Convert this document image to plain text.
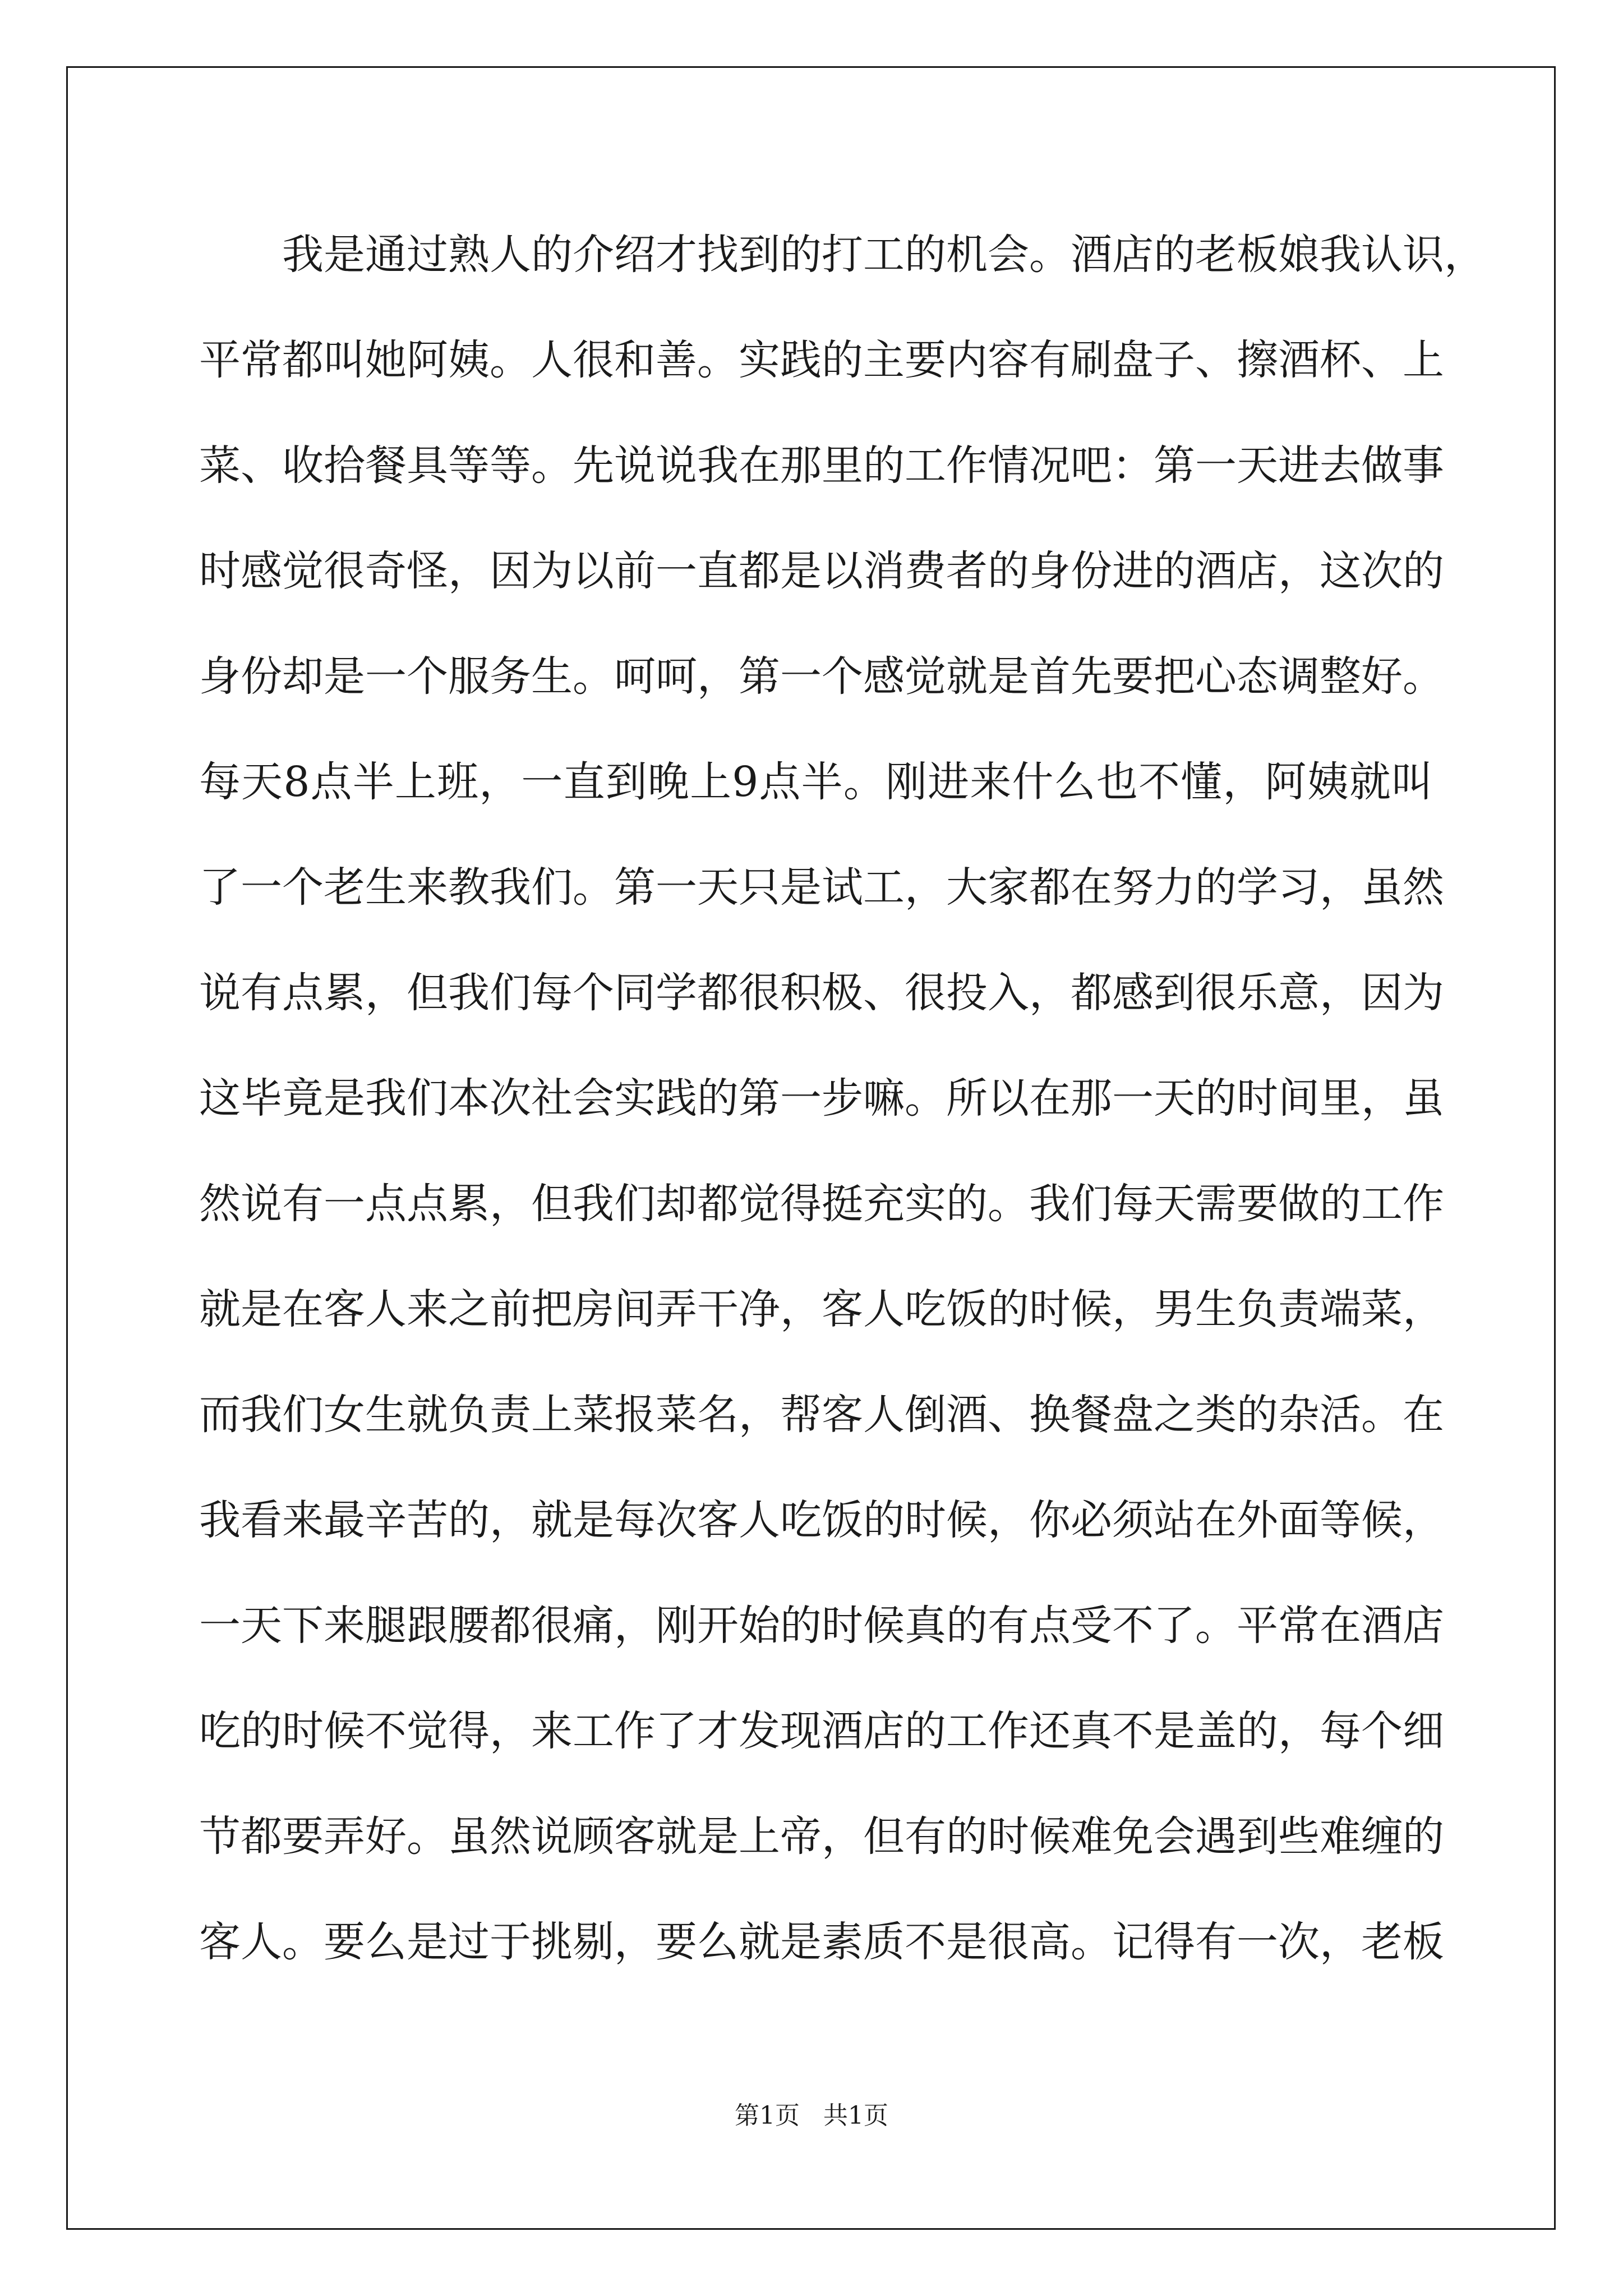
我是通过熟人的介绍才找到的打工的机会。酒店的老板娘我认识，
平常都叫她阿姨。人很和善。实践的主要内容有刷盘子、擦酒杯、上
菜、收拾餐具等等。先说说我在那里的工作情况吧：第一天进去做事
时感觉很奇怪，因为以前一直都是以消费者的身份进的酒店，这次的
身份却是一个服务生。呵呵，第一个感觉就是首先要把心态调整好。
每天8点半上班，一直到晚上9点半。刚进来什么也不懂，阿姨就叫
了一个老生来教我们。第一天只是试工，大家都在努力的学习，虽然
说有点累，但我们每个同学都很积极、很投入，都感到很乐意，因为
这毕竟是我们本次社会实践的第一步嘛。所以在那一天的时间里，虽
然说有一点点累，但我们却都觉得挺充实的。我们每天需要做的工作
就是在客人来之前把房间弄干净，客人吃饭的时候，男生负责端菜，
而我们女生就负责上菜报菜名，帮客人倒酒、换餐盘之类的杂活。在
我看来最辛苦的，就是每次客人吃饭的时候，你必须站在外面等候，
一天下来腿跟腰都很痛，刚开始的时候真的有点受不了。平常在酒店
吃的时候不觉得，来工作了才发现酒店的工作还真不是盖的，每个细
节都要弄好。虽然说顾客就是上帝，但有的时候难免会遇到些难缠的
客人。要么是过于挑剔，要么就是素质不是很高。记得有一次，老板
第1页   共1页
